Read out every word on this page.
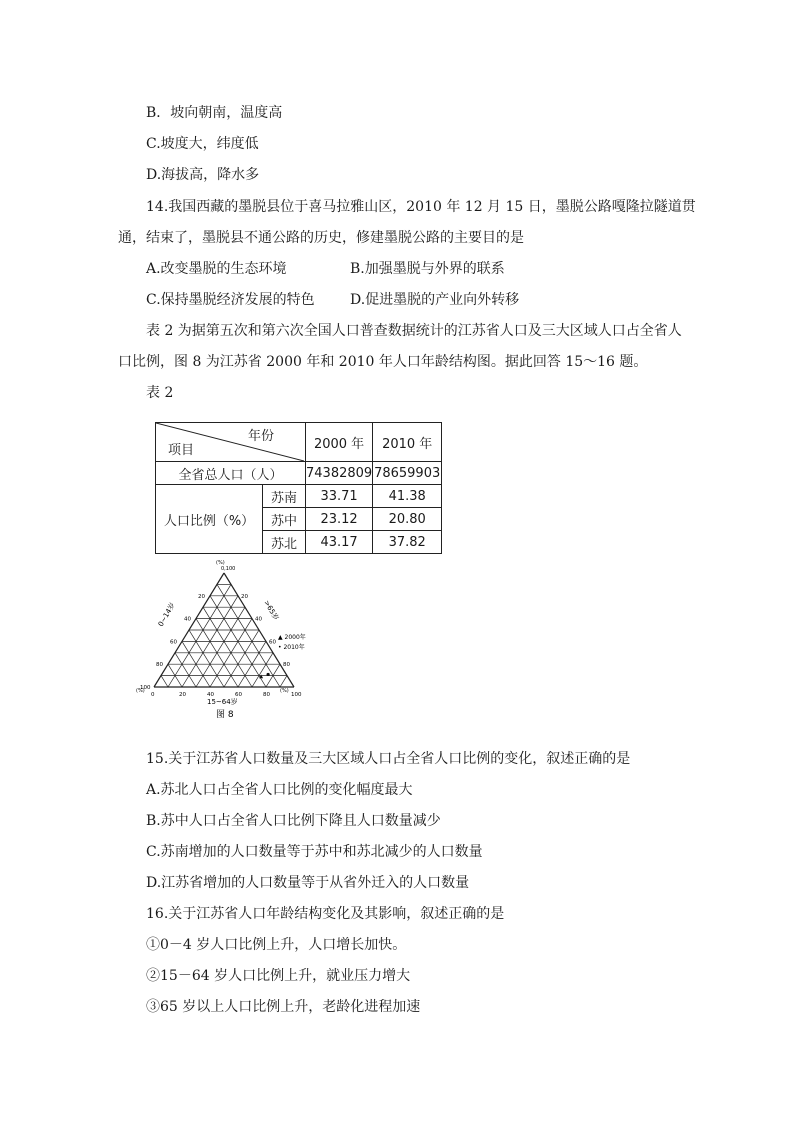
B．坡向朝南，温度高
C.坡度大，纬度低
D.海拔高，降水多
14.我国西藏的墨脱县位于喜马拉雅山区，2010 年 12 月 15 日，墨脱公路嘎隆拉隧道贯
通，结束了，墨脱县不通公路的历史，修建墨脱公路的主要目的是
A.改变墨脱的生态环境	B.加强墨脱与外界的联系
C.保持墨脱经济发展的特色	D.促进墨脱的产业向外转移
表 2 为据第五次和第六次全国人口普查数据统计的江苏省人口及三大区域人口占全省人
口比例，图 8 为江苏省 2000 年和 2010 年人口年龄结构图。据此回答 15～16 题。
表 2
年份
项目		2000 年	2010 年
全省总人口（人）		74382809	78659903
人口比例（%）	苏南	33.71	41.38
	苏中	23.12	20.80
	苏北	43.17	37.82
(%)
0,100
0~14岁	>65岁
15~64岁
(%)	(%)
▲ 2000年
• 2010年
图 8
0	20	40	60	80	100
20
40
60
80
100
20
40
60
80
15.关于江苏省人口数量及三大区域人口占全省人口比例的变化，叙述正确的是
A.苏北人口占全省人口比例的变化幅度最大
B.苏中人口占全省人口比例下降且人口数量减少
C.苏南增加的人口数量等于苏中和苏北减少的人口数量
D.江苏省增加的人口数量等于从省外迁入的人口数量
16.关于江苏省人口年龄结构变化及其影响，叙述正确的是
①0－4 岁人口比例上升，人口增长加快。
②15－64 岁人口比例上升，就业压力增大
③65 岁以上人口比例上升，老龄化进程加速
